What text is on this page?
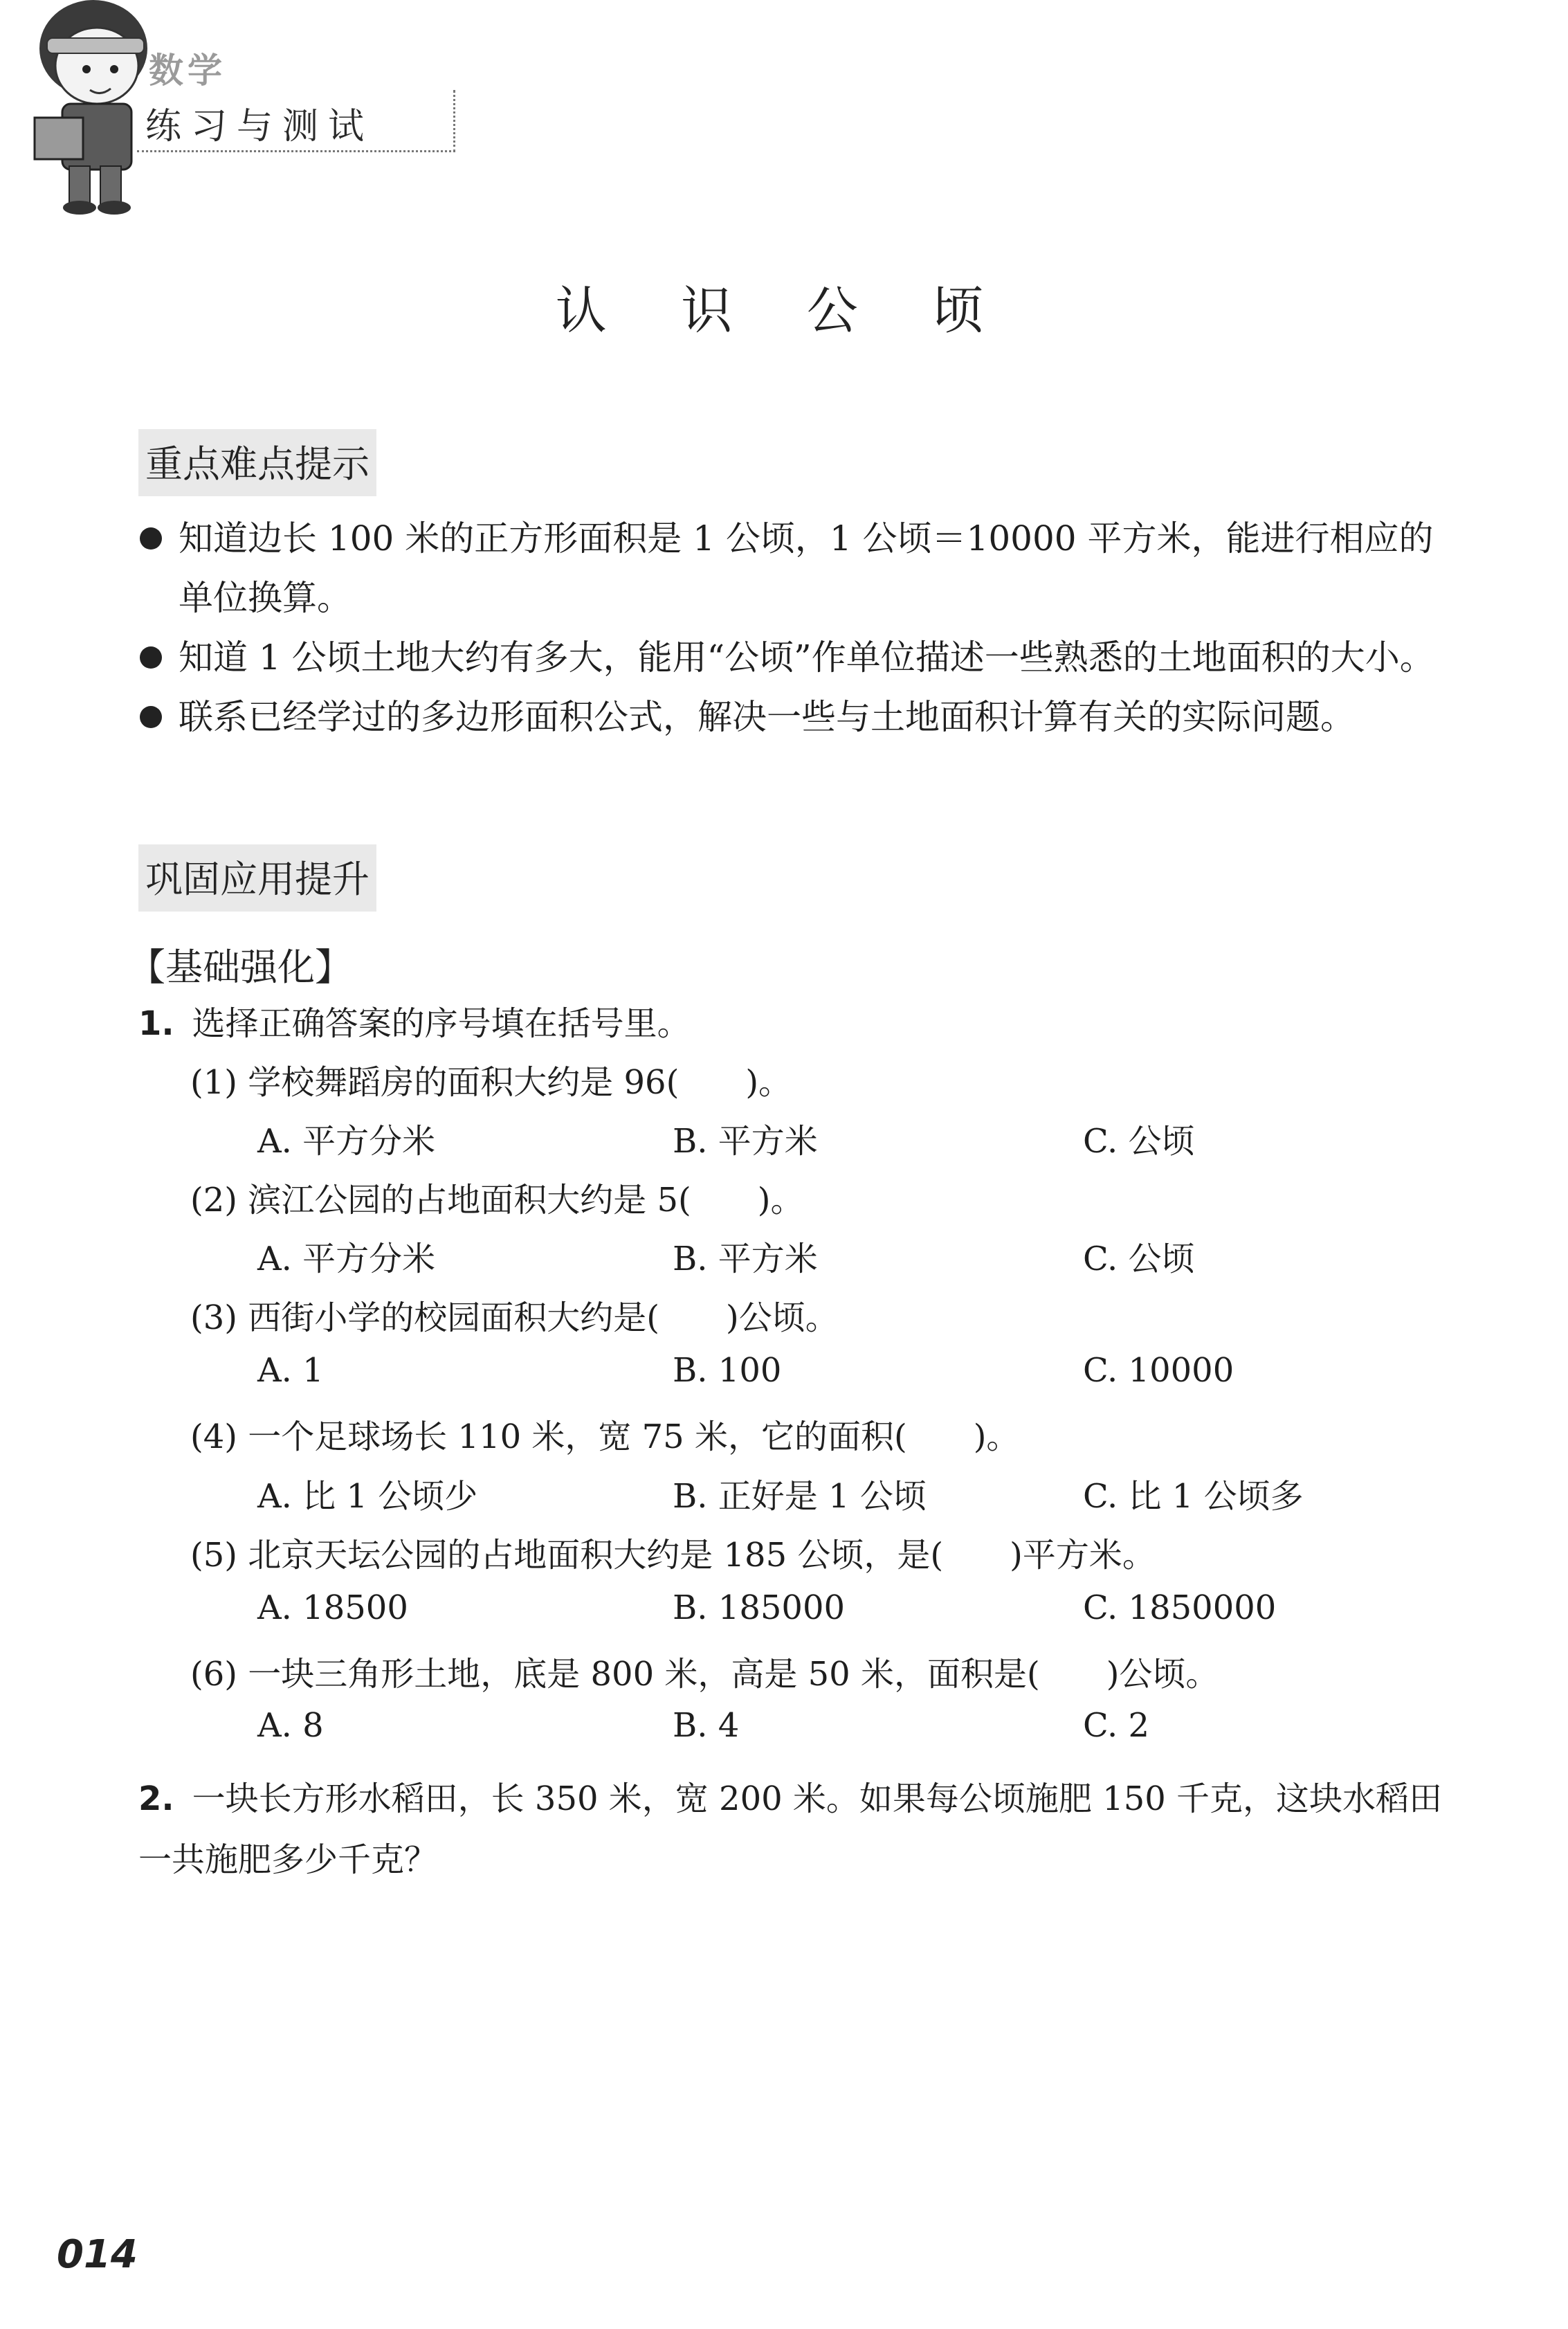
数学
练习与测试
认 识 公 顷
重点难点提示
知道边长 100 米的正方形面积是 1 公顷，1 公顷＝10000 平方米，能进行相应的单位换算。
知道 1 公顷土地大约有多大，能用“公顷”作单位描述一些熟悉的土地面积的大小。
联系已经学过的多边形面积公式，解决一些与土地面积计算有关的实际问题。
巩固应用提升
【基础强化】
1. 选择正确答案的序号填在括号里。
(1) 学校舞蹈房的面积大约是 96(　　)。
A. 平方分米	B. 平方米	C. 公顷
(2) 滨江公园的占地面积大约是 5(　　)。
A. 平方分米	B. 平方米	C. 公顷
(3) 西街小学的校园面积大约是(　　)公顷。
A. 1	B. 100	C. 10000
(4) 一个足球场长 110 米，宽 75 米，它的面积(　　)。
A. 比 1 公顷少	B. 正好是 1 公顷	C. 比 1 公顷多
(5) 北京天坛公园的占地面积大约是 185 公顷，是(　　)平方米。
A. 18500	B. 185000	C. 1850000
(6) 一块三角形土地，底是 800 米，高是 50 米，面积是(　　)公顷。
A. 8	B. 4	C. 2
2. 一块长方形水稻田，长 350 米，宽 200 米。如果每公顷施肥 150 千克，这块水稻田一共施肥多少千克？
014
